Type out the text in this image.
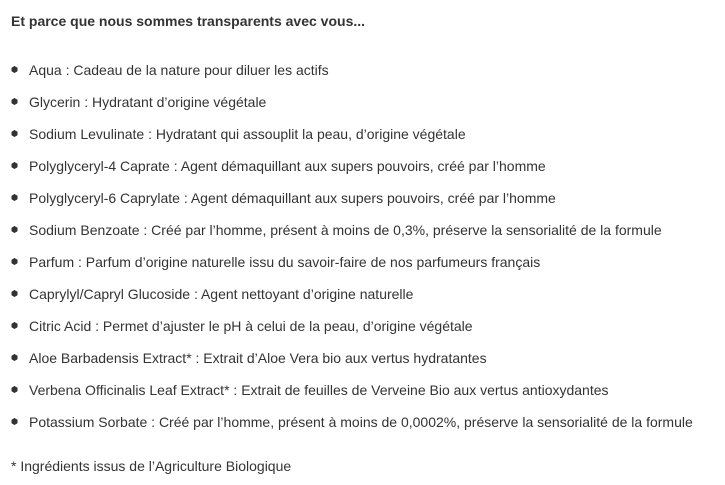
Et parce que nous sommes transparents avec vous...
Aqua : Cadeau de la nature pour diluer les actifs
Glycerin : Hydratant d’origine végétale
Sodium Levulinate : Hydratant qui assouplit la peau, d’origine végétale
Polyglyceryl-4 Caprate : Agent démaquillant aux supers pouvoirs, créé par l’homme
Polyglyceryl-6 Caprylate : Agent démaquillant aux supers pouvoirs, créé par l’homme
Sodium Benzoate : Créé par l’homme, présent à moins de 0,3%, préserve la sensorialité de la formule
Parfum : Parfum d’origine naturelle issu du savoir-faire de nos parfumeurs français
Caprylyl/Capryl Glucoside : Agent nettoyant d’origine naturelle
Citric Acid : Permet d’ajuster le pH à celui de la peau, d’origine végétale
Aloe Barbadensis Extract* : Extrait d’Aloe Vera bio aux vertus hydratantes
Verbena Officinalis Leaf Extract* : Extrait de feuilles de Verveine Bio aux vertus antioxydantes
Potassium Sorbate : Créé par l’homme, présent à moins de 0,0002%, préserve la sensorialité de la formule
* Ingrédients issus de l’Agriculture Biologique
